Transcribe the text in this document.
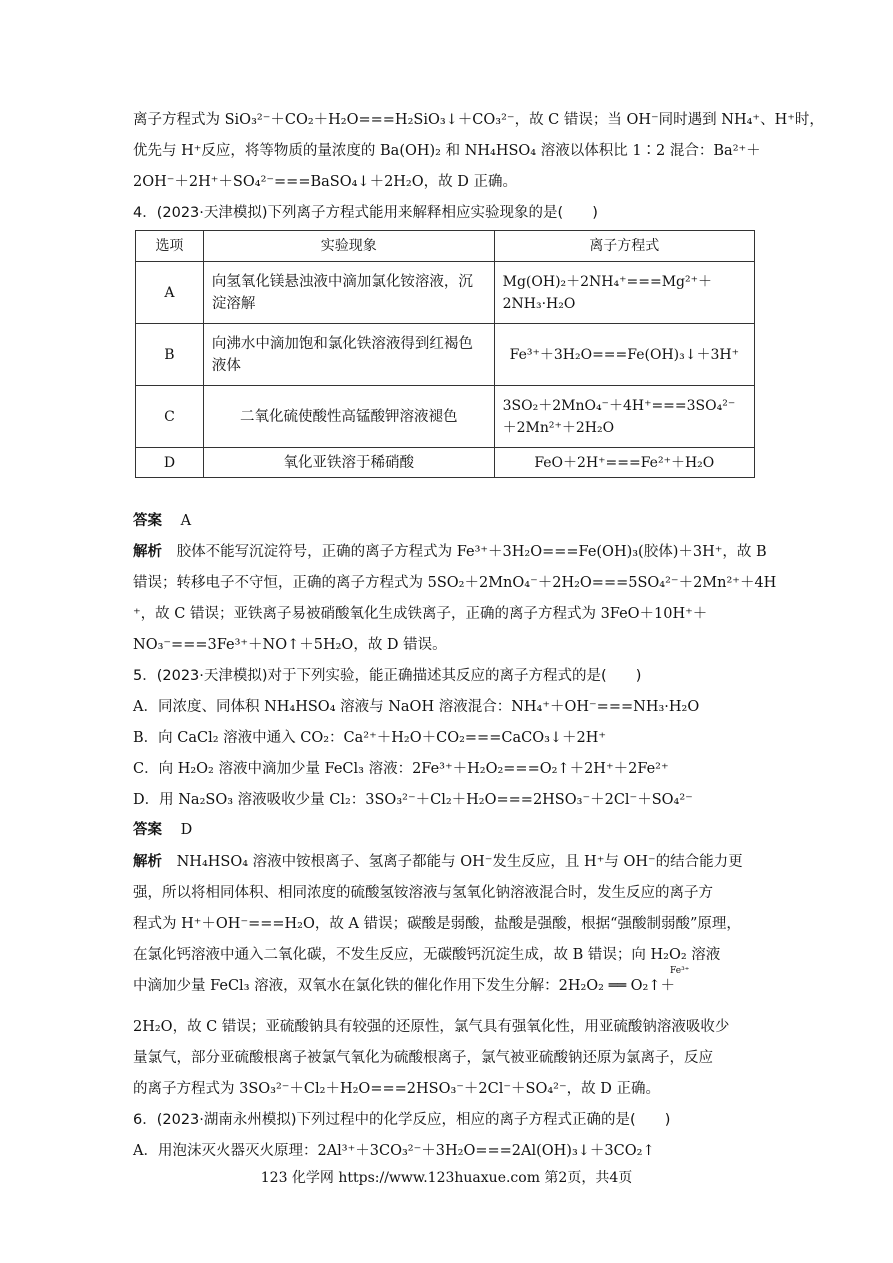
离子方程式为 SiO₃²⁻＋CO₂＋H₂O===H₂SiO₃↓＋CO₃²⁻，故 C 错误；当 OH⁻同时遇到 NH₄⁺、H⁺时，
优先与 H⁺反应，将等物质的量浓度的 Ba(OH)₂ 和 NH₄HSO₄ 溶液以体积比 1∶2 混合：Ba²⁺＋
2OH⁻＋2H⁺＋SO₄²⁻===BaSO₄↓＋2H₂O，故 D 正确。
4．(2023·天津模拟)下列离子方程式能用来解释相应实验现象的是(　　)
选项	实验现象	离子方程式
A	向氢氧化镁悬浊液中滴加氯化铵溶液，沉淀溶解	Mg(OH)₂＋2NH₄⁺===Mg²⁺＋2NH₃·H₂O
B	向沸水中滴加饱和氯化铁溶液得到红褐色液体	Fe³⁺＋3H₂O===Fe(OH)₃↓＋3H⁺
C	二氧化硫使酸性高锰酸钾溶液褪色	3SO₂＋2MnO₄⁻＋4H⁺===3SO₄²⁻＋2Mn²⁺＋2H₂O
D	氧化亚铁溶于稀硝酸	FeO＋2H⁺===Fe²⁺＋H₂O
答案 A
解析 胶体不能写沉淀符号，正确的离子方程式为 Fe³⁺＋3H₂O===Fe(OH)₃(胶体)＋3H⁺，故 B
错误；转移电子不守恒，正确的离子方程式为 5SO₂＋2MnO₄⁻＋2H₂O===5SO₄²⁻＋2Mn²⁺＋4H
⁺，故 C 错误；亚铁离子易被硝酸氧化生成铁离子，正确的离子方程式为 3FeO＋10H⁺＋
NO₃⁻===3Fe³⁺＋NO↑＋5H₂O，故 D 错误。
5．(2023·天津模拟)对于下列实验，能正确描述其反应的离子方程式的是(　　)
A．同浓度、同体积 NH₄HSO₄ 溶液与 NaOH 溶液混合：NH₄⁺＋OH⁻===NH₃·H₂O
B．向 CaCl₂ 溶液中通入 CO₂：Ca²⁺＋H₂O＋CO₂===CaCO₃↓＋2H⁺
C．向 H₂O₂ 溶液中滴加少量 FeCl₃ 溶液：2Fe³⁺＋H₂O₂===O₂↑＋2H⁺＋2Fe²⁺
D．用 Na₂SO₃ 溶液吸收少量 Cl₂：3SO₃²⁻＋Cl₂＋H₂O===2HSO₃⁻＋2Cl⁻＋SO₄²⁻
答案 D
解析 NH₄HSO₄ 溶液中铵根离子、氢离子都能与 OH⁻发生反应，且 H⁺与 OH⁻的结合能力更
强，所以将相同体积、相同浓度的硫酸氢铵溶液与氢氧化钠溶液混合时，发生反应的离子方
程式为 H⁺＋OH⁻===H₂O，故 A 错误；碳酸是弱酸，盐酸是强酸，根据“强酸制弱酸”原理，
在氯化钙溶液中通入二氧化碳，不发生反应，无碳酸钙沉淀生成，故 B 错误；向 H₂O₂ 溶液
中滴加少量 FeCl₃ 溶液，双氧水在氯化铁的催化作用下发生分解：2H₂O₂ ══ O₂↑＋
Fe³⁺
2H₂O，故 C 错误；亚硫酸钠具有较强的还原性，氯气具有强氧化性，用亚硫酸钠溶液吸收少
量氯气，部分亚硫酸根离子被氯气氧化为硫酸根离子，氯气被亚硫酸钠还原为氯离子，反应
的离子方程式为 3SO₃²⁻＋Cl₂＋H₂O===2HSO₃⁻＋2Cl⁻＋SO₄²⁻，故 D 正确。
6．(2023·湖南永州模拟)下列过程中的化学反应，相应的离子方程式正确的是(　　)
A．用泡沫灭火器灭火原理：2Al³⁺＋3CO₃²⁻＋3H₂O===2Al(OH)₃↓＋3CO₂↑
123 化学网 https://www.123huaxue.com 第2页，共4页
